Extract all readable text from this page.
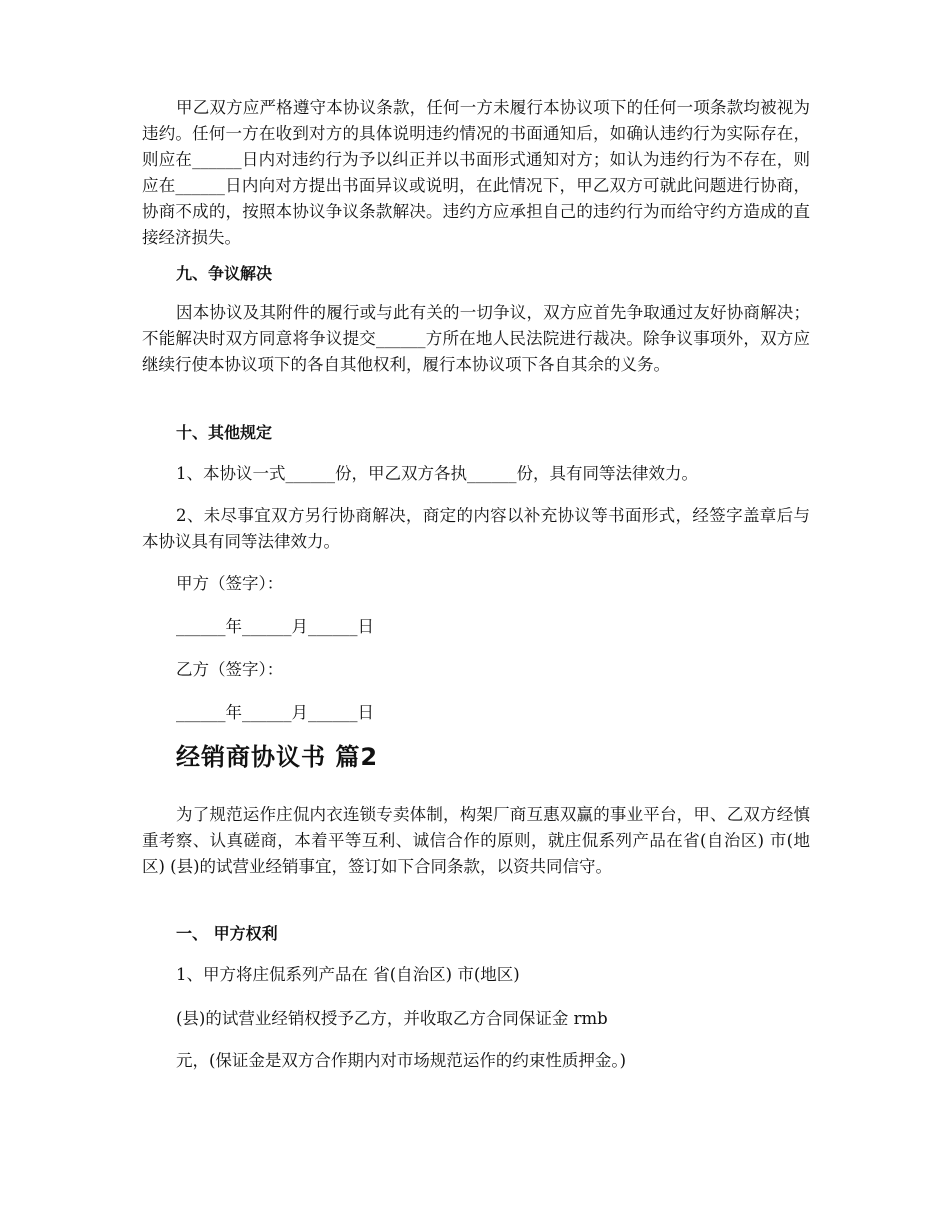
甲乙双方应严格遵守本协议条款，任何一方未履行本协议项下的任何一项条款均被视为违约。任何一方在收到对方的具体说明违约情况的书面通知后，如确认违约行为实际存在，则应在______日内对违约行为予以纠正并以书面形式通知对方；如认为违约行为不存在，则应在______日内向对方提出书面异议或说明，在此情况下，甲乙双方可就此问题进行协商，协商不成的，按照本协议争议条款解决。违约方应承担自己的违约行为而给守约方造成的直接经济损失。

九、争议解决

因本协议及其附件的履行或与此有关的一切争议，双方应首先争取通过友好协商解决；不能解决时双方同意将争议提交______方所在地人民法院进行裁决。除争议事项外，双方应继续行使本协议项下的各自其他权利，履行本协议项下各自其余的义务。

十、其他规定

1、本协议一式______份，甲乙双方各执______份，具有同等法律效力。

2、未尽事宜双方另行协商解决，商定的内容以补充协议等书面形式，经签字盖章后与本协议具有同等法律效力。

甲方（签字）：

______年______月______日

乙方（签字）：

______年______月______日

经销商协议书 篇2

为了规范运作庄侃内衣连锁专卖体制，构架厂商互惠双赢的事业平台，甲、乙双方经慎重考察、认真磋商，本着平等互利、诚信合作的原则，就庄侃系列产品在省(自治区) 市(地区) (县)的试营业经销事宜，签订如下合同条款，以资共同信守。

一、 甲方权利

1、甲方将庄侃系列产品在 省(自治区) 市(地区)

(县)的试营业经销权授予乙方，并收取乙方合同保证金 rmb

元，(保证金是双方合作期内对市场规范运作的约束性质押金。)
